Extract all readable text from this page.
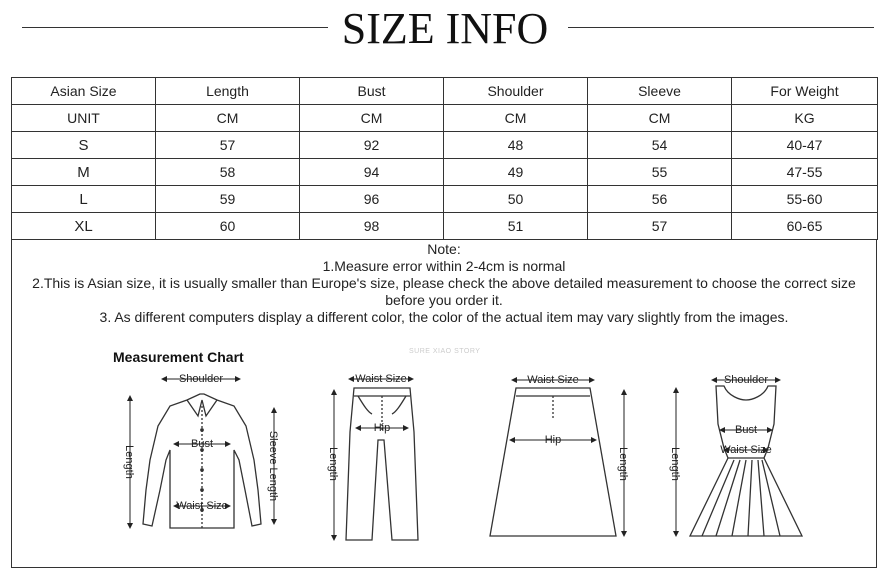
SIZE INFO
Asian Size	Length	Bust	Shoulder	Sleeve	For Weight
UNIT	CM	CM	CM	CM	KG
S	57	92	48	54	40-47
M	58	94	49	55	47-55
L	59	96	50	56	55-60
XL	60	98	51	57	60-65

Note:

1.Measure error within 2-4cm is normal

2.This is Asian size, it is usually smaller than Europe's size, please check the above detailed measurement to choose the correct size

before you order it.

3. As different computers display a different color, the color of the actual item may vary slightly from the images.

Measurement Chart	SURE XIAO STORY
Shoulder
Bust
Waist Size
Length	Sleeve Length
Waist Size
Hip
Length
Waist Size
Hip
Length
Shoulder
Bust
Waist Size
Length
